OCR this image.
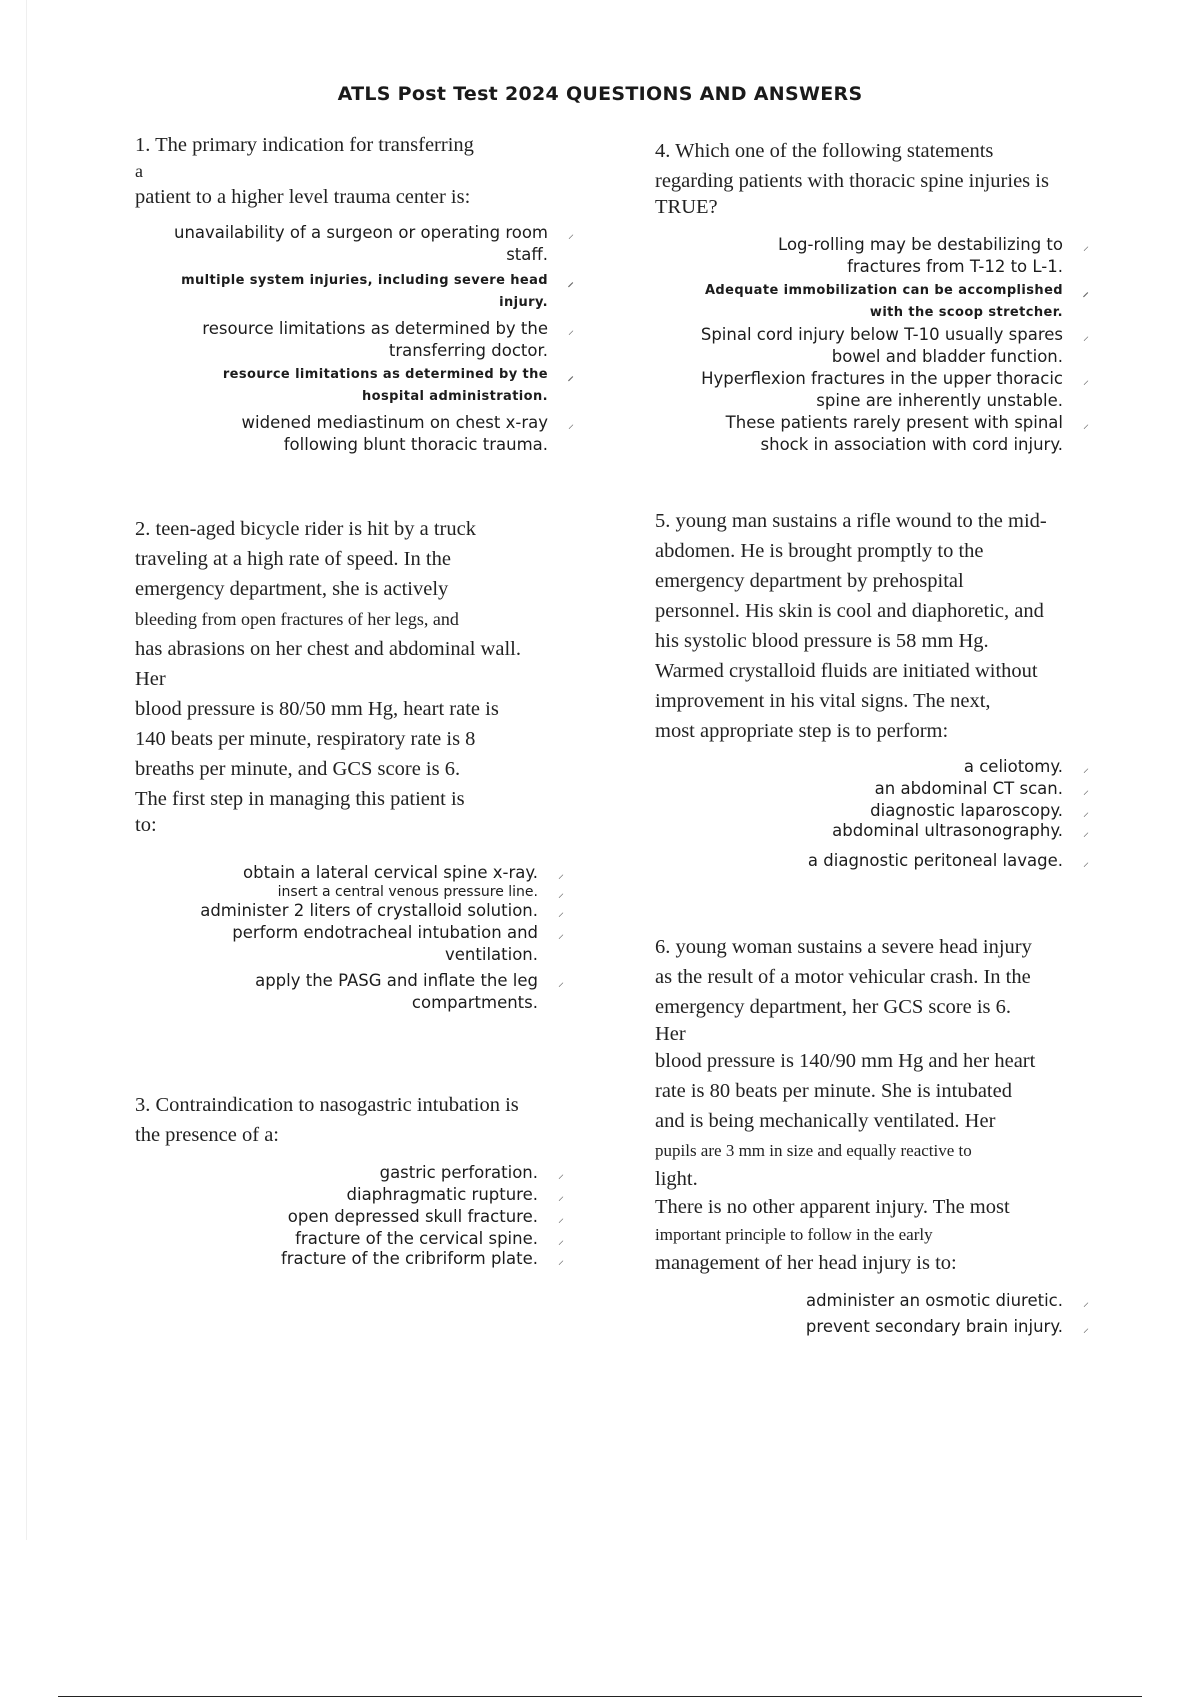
ATLS Post Test 2024 QUESTIONS AND ANSWERS

1. The primary indication for transferring

a

patient to a higher level trauma center is:

unavailability of a surgeon or operating room staff.
⸝
multiple system injuries, including severe head injury.
⸝
resource limitations as determined by the transferring doctor.
⸝
resource limitations as determined by the hospital administration.
⸝
widened mediastinum on chest x-ray following blunt thoracic trauma.
⸝

2. teen-aged bicycle rider is hit by a truck

traveling at a high rate of speed. In the

emergency department, she is actively

bleeding from open fractures of her legs, and

has abrasions on her chest and abdominal wall.

Her

blood pressure is 80/50 mm Hg, heart rate is

140 beats per minute, respiratory rate is 8

breaths per minute, and GCS score is 6.

The first step in managing this patient is

to:

obtain a lateral cervical spine x-ray. ⸝
insert a central venous pressure line. ⸝
administer 2 liters of crystalloid solution. ⸝
perform endotracheal intubation and ventilation.
⸝
apply the PASG and inflate the leg compartments.
⸝

3. Contraindication to nasogastric intubation is

the presence of a:

gastric perforation. ⸝
diaphragmatic rupture. ⸝
open depressed skull fracture. ⸝
fracture of the cervical spine. ⸝
fracture of the cribriform plate. ⸝

4. Which one of the following statements

regarding patients with thoracic spine injuries is

TRUE?

Log-rolling may be destabilizing to fractures from T-12 to L-1.
⸝
Adequate immobilization can be accomplished with the scoop stretcher.
⸝
Spinal cord injury below T-10 usually spares bowel and bladder function.
⸝
Hyperflexion fractures in the upper thoracic spine are inherently unstable.
⸝
These patients rarely present with spinal shock in association with cord injury.
⸝

5. young man sustains a rifle wound to the mid-

abdomen. He is brought promptly to the

emergency department by prehospital

personnel. His skin is cool and diaphoretic, and

his systolic blood pressure is 58 mm Hg.

Warmed crystalloid fluids are initiated without

improvement in his vital signs. The next,

most appropriate step is to perform:

a celiotomy. ⸝
an abdominal CT scan. ⸝
diagnostic laparoscopy. ⸝
abdominal ultrasonography. ⸝
a diagnostic peritoneal lavage. ⸝

6. young woman sustains a severe head injury

as the result of a motor vehicular crash. In the

emergency department, her GCS score is 6.

Her

blood pressure is 140/90 mm Hg and her heart

rate is 80 beats per minute. She is intubated

and is being mechanically ventilated. Her

pupils are 3 mm in size and equally reactive to

light.

There is no other apparent injury. The most

important principle to follow in the early

management of her head injury is to:

administer an osmotic diuretic. ⸝
prevent secondary brain injury. ⸝
